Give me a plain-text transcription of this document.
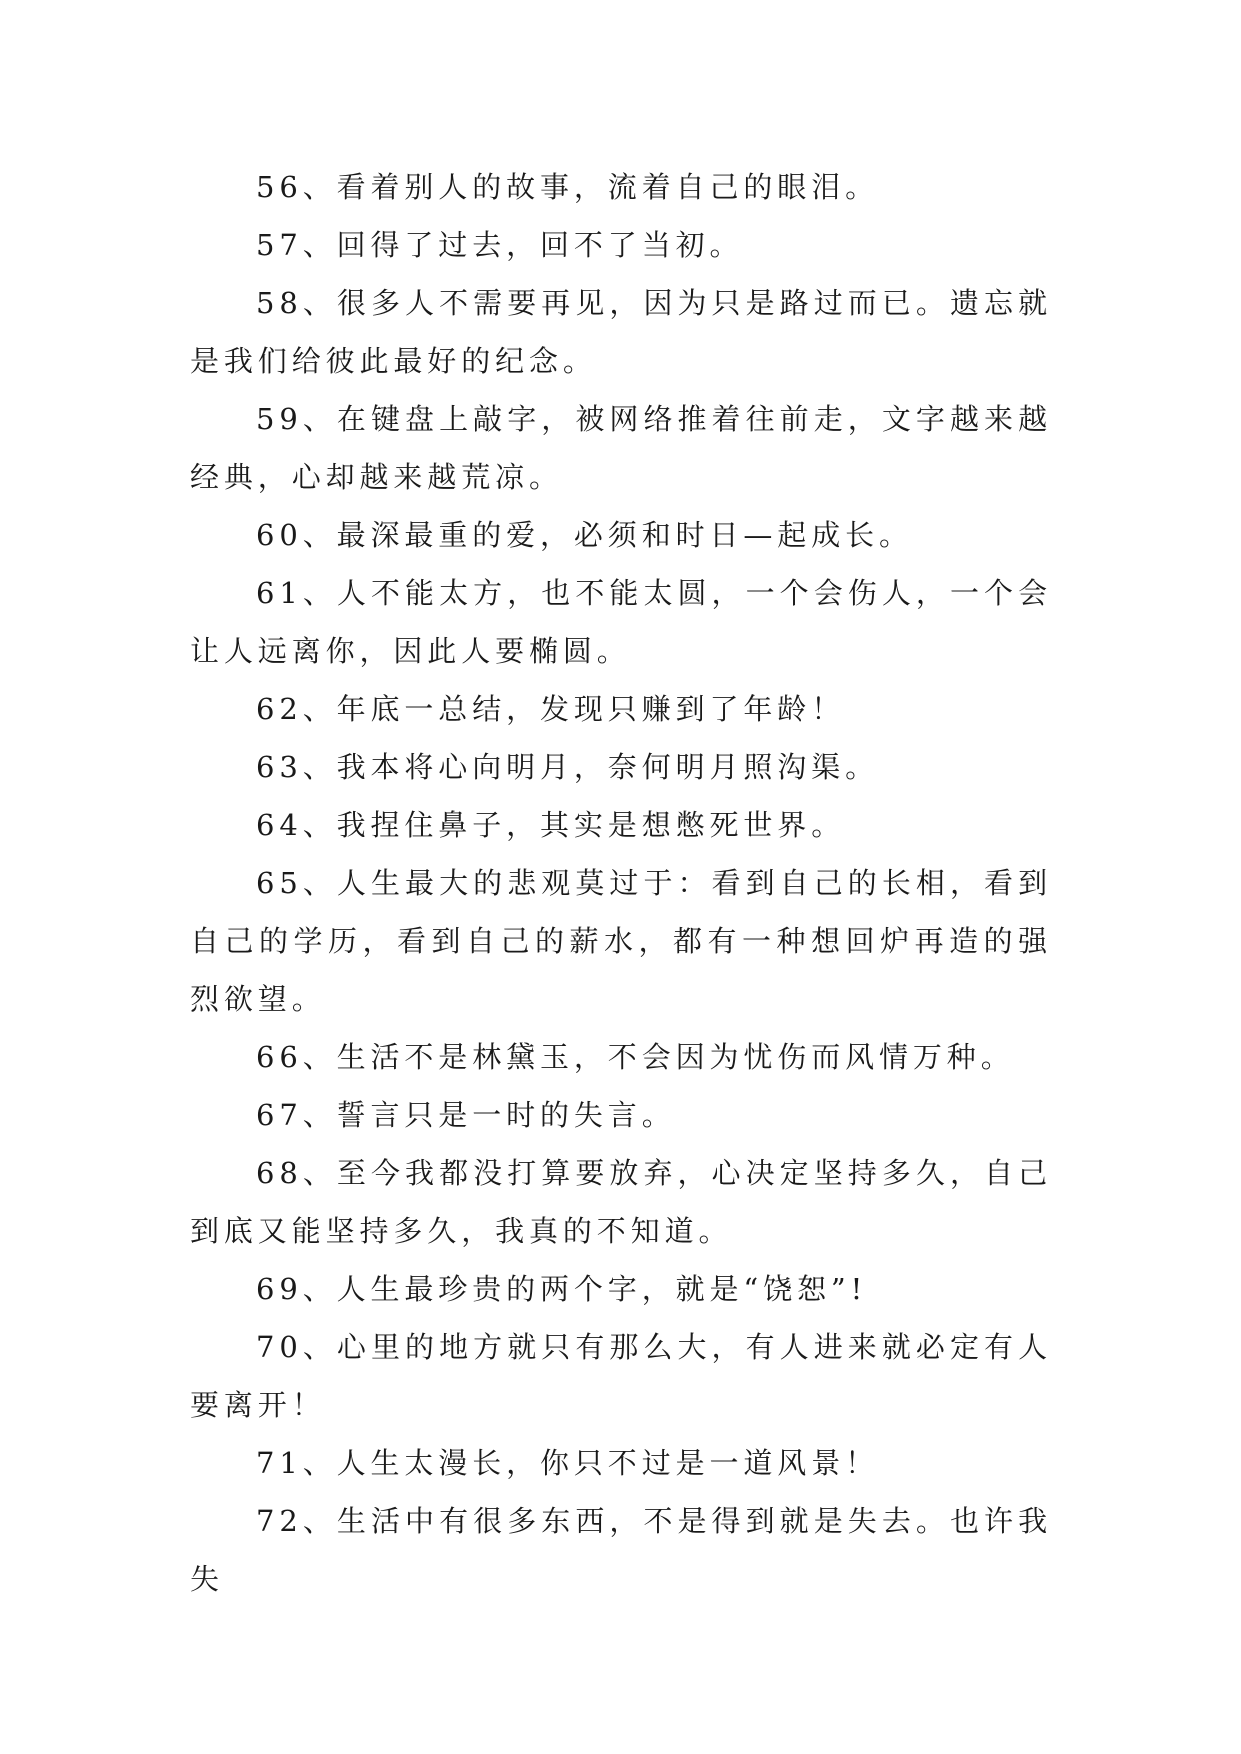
56、看着别人的故事，流着自己的眼泪。

57、回得了过去，回不了当初。

58、很多人不需要再见，因为只是路过而已。遗忘就是我们给彼此最好的纪念。

59、在键盘上敲字，被网络推着往前走，文字越来越经典，心却越来越荒凉。

60、最深最重的爱，必须和时日—起成长。

61、人不能太方，也不能太圆，一个会伤人，一个会让人远离你，因此人要椭圆。

62、年底一总结，发现只赚到了年龄！

63、我本将心向明月，奈何明月照沟渠。

64、我捏住鼻子，其实是想憋死世界。

65、人生最大的悲观莫过于：看到自己的长相，看到自己的学历，看到自己的薪水，都有一种想回炉再造的强烈欲望。

66、生活不是林黛玉，不会因为忧伤而风情万种。

67、誓言只是一时的失言。

68、至今我都没打算要放弃，心决定坚持多久，自己到底又能坚持多久，我真的不知道。

69、人生最珍贵的两个字，就是“饶恕”!

70、心里的地方就只有那么大，有人进来就必定有人要离开！

71、人生太漫长，你只不过是一道风景！

72、生活中有很多东西，不是得到就是失去。也许我失
